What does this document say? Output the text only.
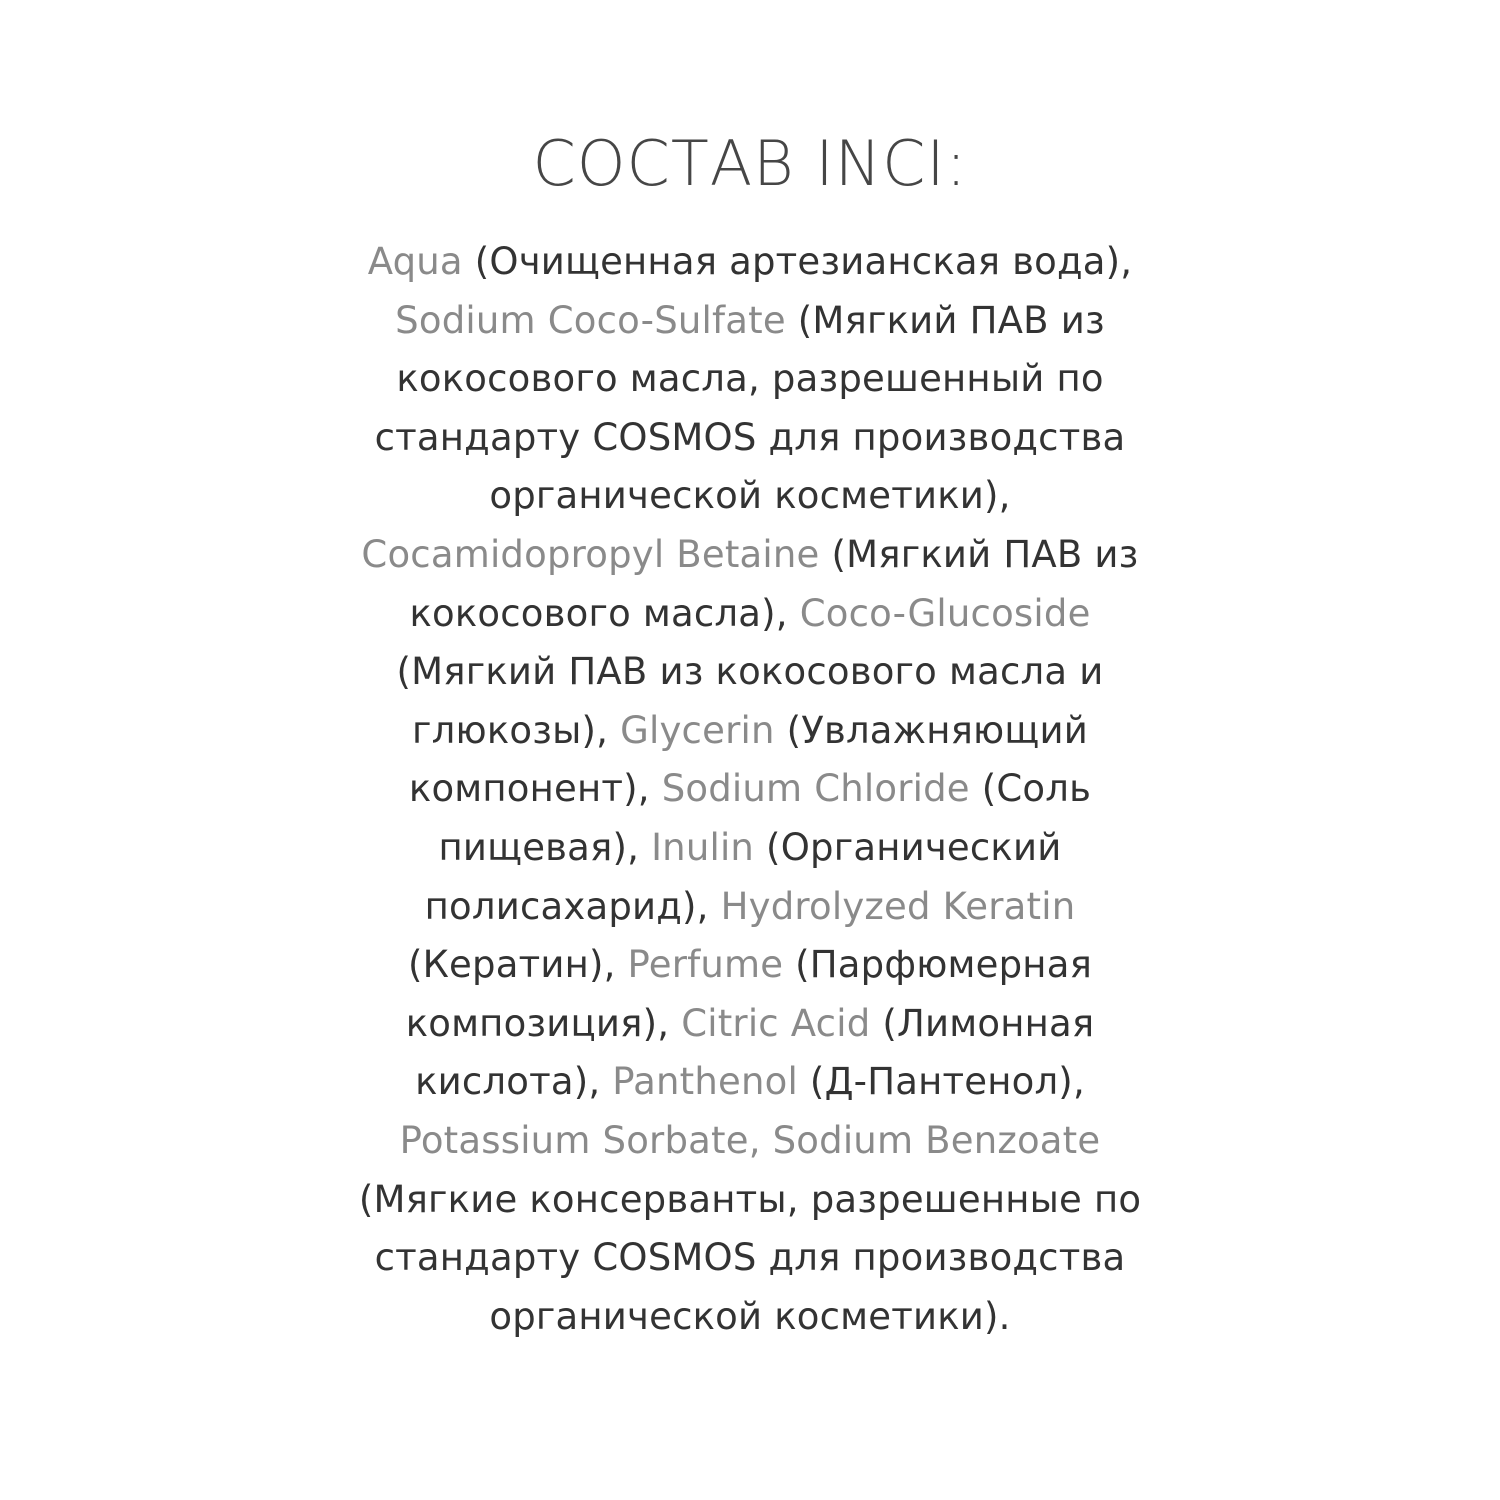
СОСТАВ INCI:

Aqua (Очищенная артезианская вода),
Sodium Coco-Sulfate (Мягкий ПАВ из
кокосового масла, разрешенный по
стандарту COSMOS для производства
органической косметики),
Cocamidopropyl Betaine (Мягкий ПАВ из
кокосового масла), Coco-Glucoside
(Мягкий ПАВ из кокосового масла и
глюкозы), Glycerin (Увлажняющий
компонент), Sodium Chloride (Соль
пищевая), Inulin (Органический
полисахарид), Hydrolyzed Keratin
(Кератин), Perfume (Парфюмерная
композиция), Citric Acid (Лимонная
кислота), Panthenol (Д-Пантенол),
Potassium Sorbate, Sodium Benzoate
(Мягкие консерванты, разрешенные по
стандарту COSMOS для производства
органической косметики).
